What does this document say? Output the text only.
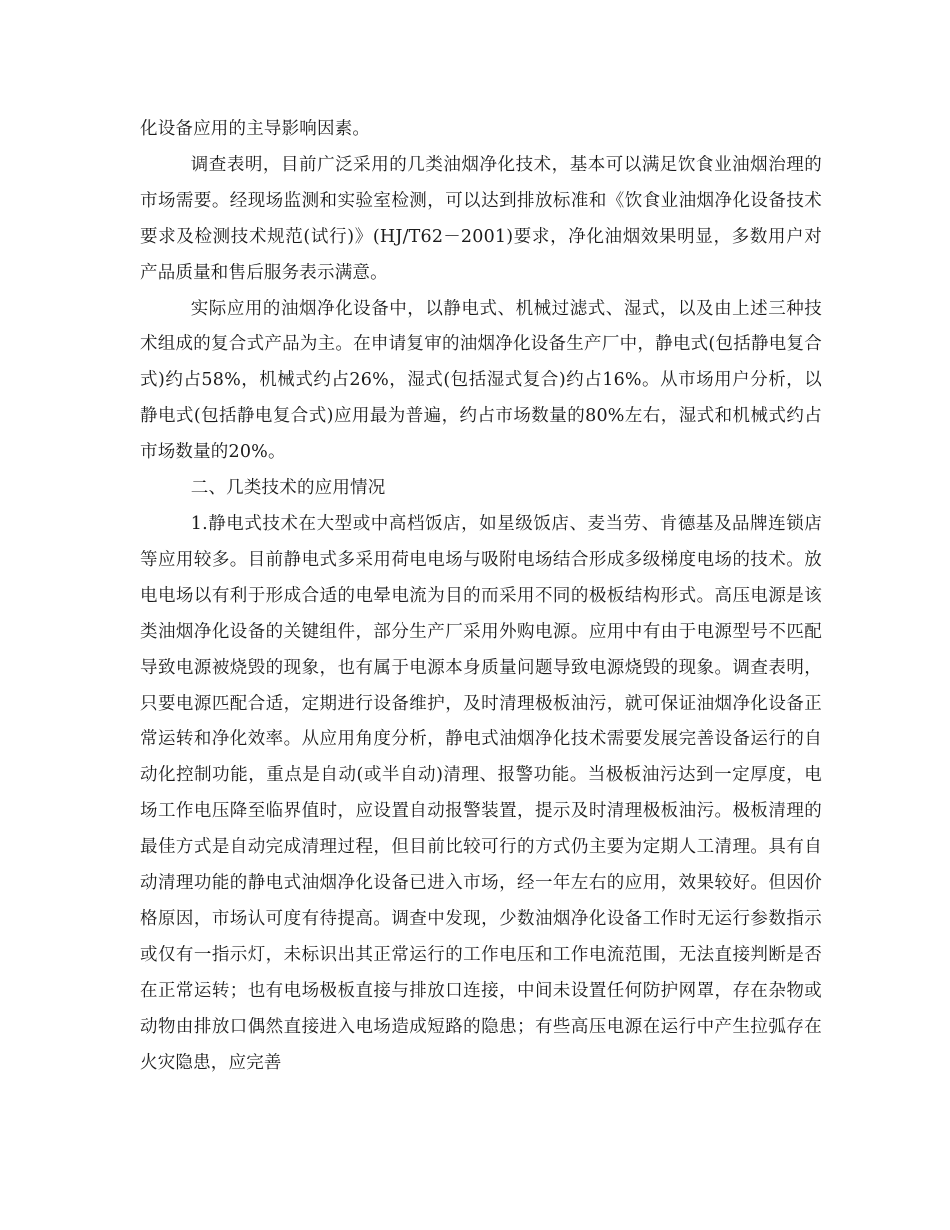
化设备应用的主导影响因素。

调查表明，目前广泛采用的几类油烟净化技术，基本可以满足饮食业油烟治理的市场需要。经现场监测和实验室检测，可以达到排放标准和《饮食业油烟净化设备技术要求及检测技术规范(试行)》(HJ/T62－2001)要求，净化油烟效果明显，多数用户对产品质量和售后服务表示满意。

实际应用的油烟净化设备中，以静电式、机械过滤式、湿式，以及由上述三种技术组成的复合式产品为主。在申请复审的油烟净化设备生产厂中，静电式(包括静电复合式)约占58%，机械式约占26%，湿式(包括湿式复合)约占16%。从市场用户分析，以静电式(包括静电复合式)应用最为普遍，约占市场数量的80%左右，湿式和机械式约占市场数量的20%。

二、几类技术的应用情况

1.静电式技术在大型或中高档饭店，如星级饭店、麦当劳、肯德基及品牌连锁店等应用较多。目前静电式多采用荷电电场与吸附电场结合形成多级梯度电场的技术。放电电场以有利于形成合适的电晕电流为目的而采用不同的极板结构形式。高压电源是该类油烟净化设备的关键组件，部分生产厂采用外购电源。应用中有由于电源型号不匹配导致电源被烧毁的现象，也有属于电源本身质量问题导致电源烧毁的现象。调查表明，只要电源匹配合适，定期进行设备维护，及时清理极板油污，就可保证油烟净化设备正常运转和净化效率。从应用角度分析，静电式油烟净化技术需要发展完善设备运行的自动化控制功能，重点是自动(或半自动)清理、报警功能。当极板油污达到一定厚度，电场工作电压降至临界值时，应设置自动报警装置，提示及时清理极板油污。极板清理的最佳方式是自动完成清理过程，但目前比较可行的方式仍主要为定期人工清理。具有自动清理功能的静电式油烟净化设备已进入市场，经一年左右的应用，效果较好。但因价格原因，市场认可度有待提高。调查中发现，少数油烟净化设备工作时无运行参数指示或仅有一指示灯，未标识出其正常运行的工作电压和工作电流范围，无法直接判断是否在正常运转；也有电场极板直接与排放口连接，中间未设置任何防护网罩，存在杂物或动物由排放口偶然直接进入电场造成短路的隐患；有些高压电源在运行中产生拉弧存在火灾隐患，应完善
